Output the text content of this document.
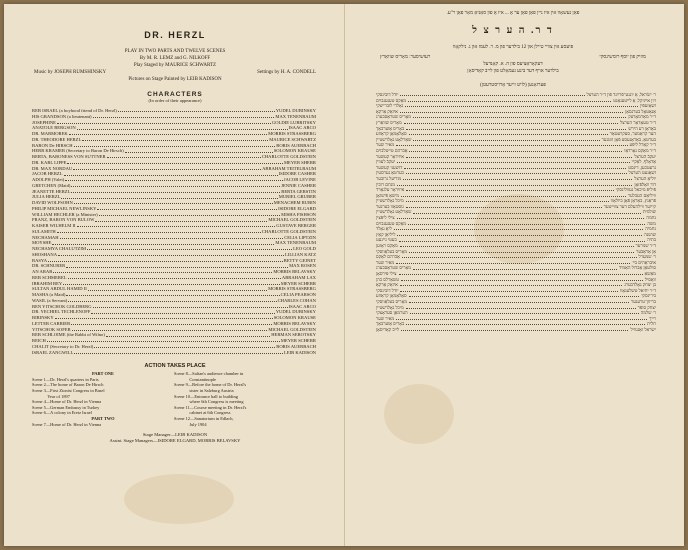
DR. HERZL
PLAY IN TWO PARTS AND TWELVE SCENES
By M. R. LEMZ and G. NILKOFF
Play Staged by MAURICE SCHWARTZ
Music by JOSEPH RUMSHINSKY	Settings by H. A. CONDELL
Pictures on Stage Painted by LEIB KADISON
CHARACTERS
(In order of their appearance)
REB ISRAEL (a boyhood friend of Dr. Herzl)	YUDEL DUBINSKY
HIS GRANDSON (a lieutenant)	MAX TENENBAUM
JOSEPHINE	GOLDIE LUBRITSKY
ANATOLE BERGSON	ISAAC ARCO
DR. MARMOREK	MORRIS STRASSBERG
DR. THEODORE HERZL	MAURICE SCHWARTZ
BARON De HIRSCH	BORIS AUERBACH
HERR KRAMER (Secretary to Baron De Hirsch)	SOLOMON KRAUSE
BERTA, BARONESS VON SUTTNER	CHARLOTTE GOLDSTEIN
DR. KARL LIPPE	MEYER SHERR
DR. MAX NORDAU	ABRAHAM TEITELBAUM
JACOB HERZL	ISIDORE CASHER
ADOLPH (Valet)	JACOB LEVINE
GRETCHEN (Maid)	JENNIE CASHER
JEANETTE HERZL	BERTA GERSTIN
JULIA HERZL	MURIEL GRUBER
DAVID WOLFSOHN	MENACHEM RUBIN
PHILIP MICHAEL NEWLINSKY	ISIDORE ELGARD
WILLIAM HECHLER (a Minister)	MISHA FISHSON
FRANZ, BARON VON BULOW	MICHAEL GOLDSTEIN
KAISER WILHELM II	GUSTAVE BERGER
SULAMITH	CHARLOTTE GOLDSTEIN
NECHAMAH	CELIA LIPTZIN
MOYSHE	MAX TENENBAUM
NECHAMYA CHALUTZIM	LEO GOLD
SHOSHANA	LILLIAN KATZ
BASYA	BETTY GEINET
DR. SCHNURER	MAX ROSEN
AN ARAB	MORRIS BELAVSKY
REB SCHMEREL	ABRAHAM LAX
IBRAHIM BEY	MEYER SCHERR
SULTAN ABDUL HAMID II	MORRIS STRASSBERG
MASHA (a Maid)	CELIA PEARSON
WASIL (a Servant)	CHARLES COHAN
BEN YITSCHOK GOLDBERG	ISAAC ARCO
DR. YECHIEL TECHLENOFF	YUDEL DUBINSKY
BIRINSKY	SOLOMON KRAUSE
LETTER CARRIER	MORRIS BELAVSKY
YITSCHOK SOFER	MICHAEL GOLDSTEIN
REB SCHLOIME (the Rabbi of Wilno)	HERMAN SEROTSKY
REICH	MEYER SCHERR
CHALIT (Secretary to Dr. Herzl)	BORIS AUERBACH
ISRAEL ZANGWILL	LEIB KADISON
ACTION TAKES PLACE
PART ONE
Scene 1—Dr. Herzl's quarters in Paris
Scene 2—The home of Baron De Hirsch
Scene 3—First Zionist Congress in Basel
Year of 1897
Scene 4—Home of Dr. Herzl in Vienna
Scene 5—German Embassy in Turkey
Scene 6—A colony in Eretz Israel
PART TWO
Scene 7—Home of Dr. Herzl in Vienna
Scene 8—Sultan's audience chamber in
Constantinople
Scene 9—Before the home of Dr. Herzl's
sister in Salzburg Austria
Scene 10—Entrance hall to building
where 6th Congress is meeting
Scene 11—Course meeting in Dr. Herzl's
cabinet at 6th Congress
Scene 12—Sanatorium in Edlach,
July 1904
Stage Manager—LEIB KADISON
Asstnt. Stage Managers—ISIDORE ELGARD, MORRIS BELAVSKY
פאַן נעשאָוו אין איז ניין פאַן פאַן ער אָ ... איז אָ פון סאַניאַ מאָר פאַן ר"ע.
ד ר. ה ע ר צ ל
פּיעסע אין צוויי טיילן און 12 בילדער פון מ. ר. לעמז און ג. נילקאָוו
רעזשיסער: מאָריס שוואַרץ	מוזיק פון יוסף רומשינסקי
דעקאָראַציעס פון ה. א. קאָנדעל
בילדער אויף דער בינע געמאָלט פון לייב קאַדיסאָן
פּערזאָנען (לויט זייער אַרויסטרעטן)
יודל דובינסקי	ר׳ ישׂראל, אַ יוגנט־פֿרײַנד פֿון ד״ר הערצל
מאַקס טענענבוים	זײַן אײניקל, אַ לײטענאַנט
גאָלדי לוברייצקי	זשאָזעפֿין
איזאַק אַרקאָ	אַנאַטאָל בערגסאָן
מאָריס שטראַסבערג	ד״ר מאַרמאָרעק
מאָריס שוואַרץ	ד״ר טעאָדאָר הערצל
באָריס אַוערבאַך	באַראָן דע הירש
סאָלאָמאָן קראַוזע	הער קראַמער, סעקרעטאַר
שאַרלאָט גאָלדשטיין	בערטאַ, באַראָנעסע פֿאָן זוטנער
מאיר שער	ד״ר קאַרל ליפּע
אַבֿרהם טייטלבוים	ד״ר מאַקס נאָרדאַו
איזידאָר קעשער	יעקבֿ הערצל
יעקבֿ לעווין	אַדאָלף, לאַקיי
דזשעני קעשער	גרעטכען, דינסט
בערטאַ גערסטין	זשאַנעט הערצל
מוריעל גרובער	יוליאַ הערצל
מנחם רובין	דוד וואָלפֿזאָן
איזידאָר עלגאַרד	פֿיליפּ מיכאל נעוולינסקי
מישאַ פֿישזאָן	וויליאַם העכלער
מיכל גאָלדשטיין	פֿראַנץ, באַראָן פֿאָן ביולאָוו
גוסטאַוו בערגער	קייזער ווילהעלם דער צווייטער
שאַרלאָט גאָלדשטיין	שולמית
צילי ליפּצין	נחמה
מאַקס טענענבוים	משה
ליאָ גאָלד	נחמיה
ליליאַן קאַץ	שושנה
בעטי גיינעט	בתיה
מאַקס ראָזען	ד״ר שנורער
מאָריס בעלאַווסקי	אַן אַראַבער
אַבֿרהם לאַקס	ר׳ שמערל
מאיר שער	איבראַהים בײ
מאָריס שטראַסבערג	סולטאַן אַבדול האַמיד
צילי פּירסאָן	מאַשאַ
טשאַרלס כהן	וואַסיל
איזאַק אַרקאָ	בן יצחק גאָלדבערג
יודל דובינסקי	ד״ר יחיאל טשלענאָוו
סאָלאָמאָן קראַוזע	בירינסקי
מאָריס בעלאַווסקי	בריוון־טרעגער
מיכל גאָלדשטיין	יצחק סופֿר
הערמאַן סעראָצקי	ר׳ שלמה
מאיר שער	רייך
באָריס אַוערבאַך	חלית
לייב קאַדיסאָן	ישׂראל זאַנגוויל
